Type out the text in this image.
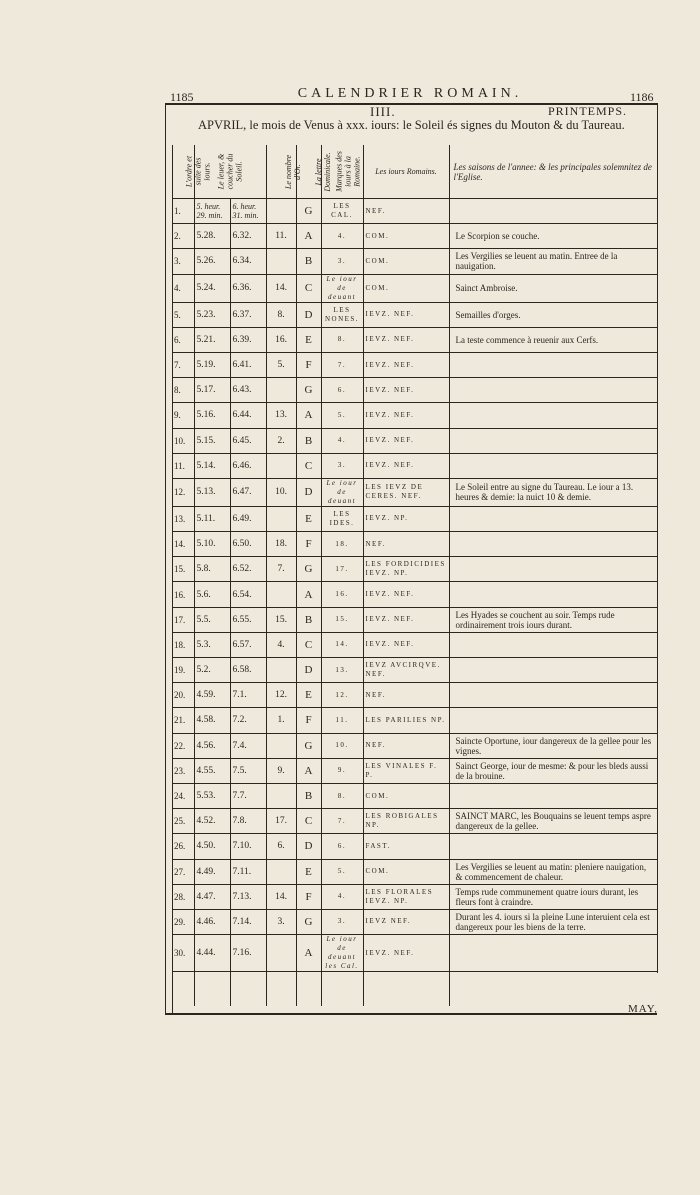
1185	CALENDRIER ROMAIN.	1186
IIII.	PRINTEMPS.
APVRIL, le mois de Venus à xxx. iours: le Soleil és signes du Mouton & du Taureau.
L'ordre et suite des iours.	Le leuer, & coucher du Soleil.		Le nombre d'Or.	La lettre Dominicale.	Marques des iours à la Romaine.	Les iours Romains.	Les saisons de l'annee: & les principales solemnitez de l'Eglise.
1.	5. heur. 29. min.	6. heur. 31. min.		G	LES CAL.	NEF.	
2.	5.28.	6.32.	11.	A	4.	COM.	Le Scorpion se couche.
3.	5.26.	6.34.		B	3.	COM.	Les Vergilies se leuent au matin. Entree de la nauigation.
4.	5.24.	6.36.	14.	C	Le iour de deuant	COM.	Sainct Ambroise.
5.	5.23.	6.37.	8.	D	LES NONES.	IEVZ. NEF.	Semailles d'orges.
6.	5.21.	6.39.	16.	E	8.	IEVZ. NEF.	La teste commence à reuenir aux Cerfs.
7.	5.19.	6.41.	5.	F	7.	IEVZ. NEF.	
8.	5.17.	6.43.		G	6.	IEVZ. NEF.	
9.	5.16.	6.44.	13.	A	5.	IEVZ. NEF.	
10.	5.15.	6.45.	2.	B	4.	IEVZ. NEF.	
11.	5.14.	6.46.		C	3.	IEVZ. NEF.	
12.	5.13.	6.47.	10.	D	Le iour de deuant	LES IEVZ DE CERES. NEF.	Le Soleil entre au signe du Taureau. Le iour a 13. heures & demie: la nuict 10 & demie.
13.	5.11.	6.49.		E	LES IDES.	IEVZ. NP.	
14.	5.10.	6.50.	18.	F	18.	NEF.	
15.	5.8.	6.52.	7.	G	17.	LES FORDICIDIES IEVZ. NP.	
16.	5.6.	6.54.		A	16.	IEVZ. NEF.	
17.	5.5.	6.55.	15.	B	15.	IEVZ. NEF.	Les Hyades se couchent au soir. Temps rude ordinairement trois iours durant.
18.	5.3.	6.57.	4.	C	14.	IEVZ. NEF.	
19.	5.2.	6.58.		D	13.	IEVZ AVCIRQVE. NEF.	
20.	4.59.	7.1.	12.	E	12.	NEF.	
21.	4.58.	7.2.	1.	F	11.	LES PARILIES NP.	
22.	4.56.	7.4.		G	10.	NEF.	Saincte Oportune, iour dangereux de la gellee pour les vignes.
23.	4.55.	7.5.	9.	A	9.	LES VINALES F. P.	Sainct George, iour de mesme: & pour les bleds aussi de la brouine.
24.	5.53.	7.7.		B	8.	COM.	
25.	4.52.	7.8.	17.	C	7.	LES ROBIGALES NP.	SAINCT MARC, les Bouquains se leuent temps aspre dangereux de la gellee.
26.	4.50.	7.10.	6.	D	6.	FAST.	
27.	4.49.	7.11.		E	5.	COM.	Les Vergilies se leuent au matin: pleniere nauigation, & commencement de chaleur.
28.	4.47.	7.13.	14.	F	4.	LES FLORALES IEVZ. NP.	Temps rude communement quatre iours durant, les fleurs font à craindre.
29.	4.46.	7.14.	3.	G	3.	IEVZ NEF.	Durant les 4. iours si la pleine Lune interuient cela est dangereux pour les biens de la terre.
30.	4.44.	7.16.		A	Le iour de deuant les Cal.	IEVZ. NEF.	

MAY,
